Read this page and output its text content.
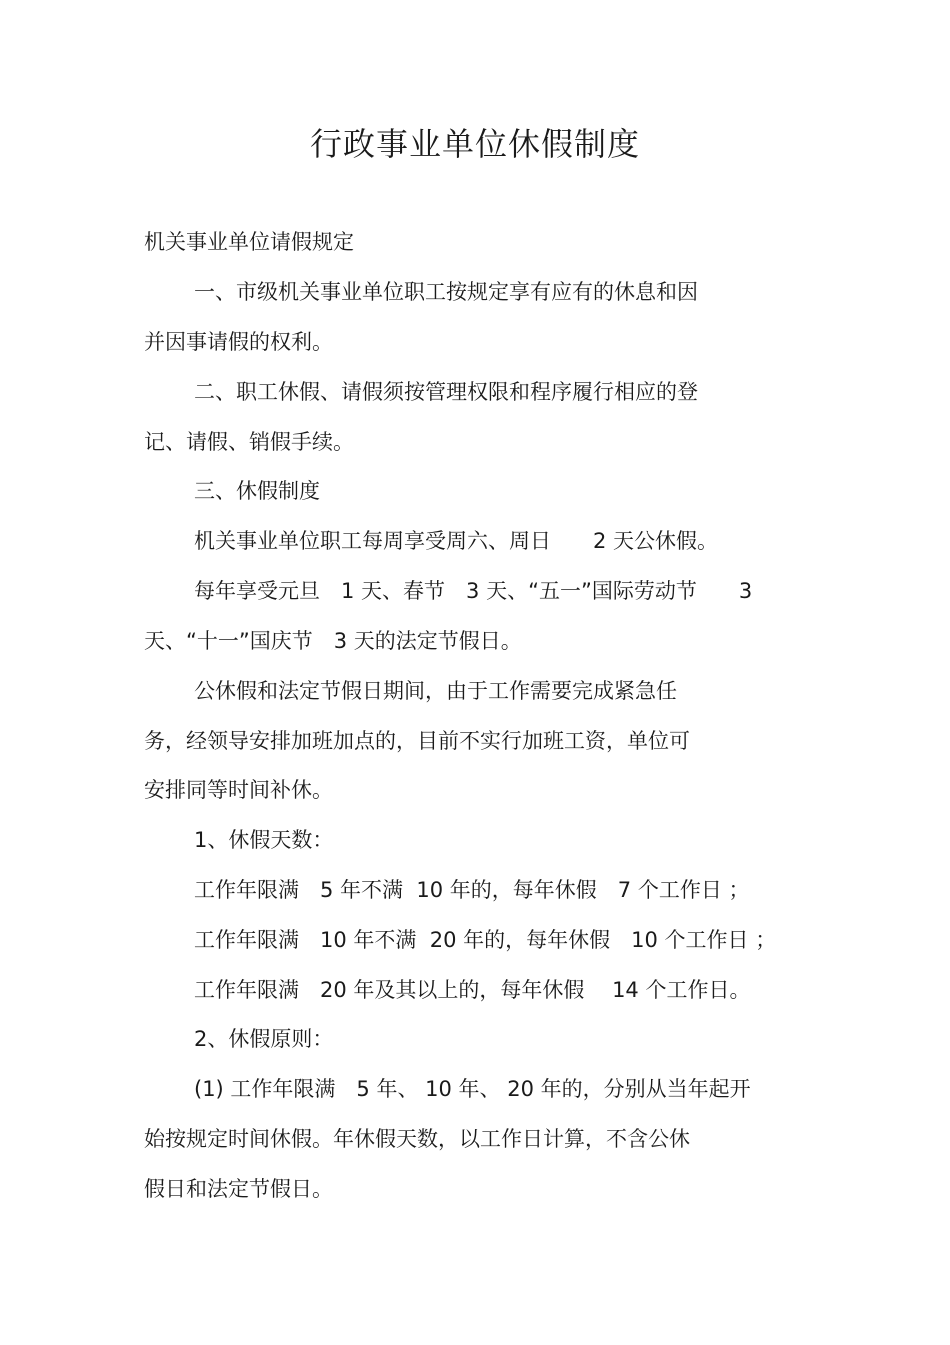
行政事业单位休假制度
机关事业单位请假规定
一、市级机关事业单位职工按规定享有应有的休息和因
并因事请假的权利。
二、职工休假、请假须按管理权限和程序履行相应的登
记、请假、销假手续。
三、休假制度
机关事业单位职工每周享受周六、周日　　2 天公休假。
每年享受元旦　1 天、春节　3 天、“五一”国际劳动节　　3
天、“十一”国庆节　3 天的法定节假日。
公休假和法定节假日期间，由于工作需要完成紧急任
务，经领导安排加班加点的，目前不实行加班工资，单位可
安排同等时间补休。
1、休假天数：
工作年限满　5 年不满  10 年的，每年休假　7 个工作日 ；
工作年限满　10 年不满  20 年的，每年休假　10 个工作日 ；
工作年限满　20 年及其以上的，每年休假　 14 个工作日。
2、休假原则：
(1) 工作年限满　5 年、 10 年、 20 年的，分别从当年起开
始按规定时间休假。年休假天数，以工作日计算，不含公休
假日和法定节假日。
